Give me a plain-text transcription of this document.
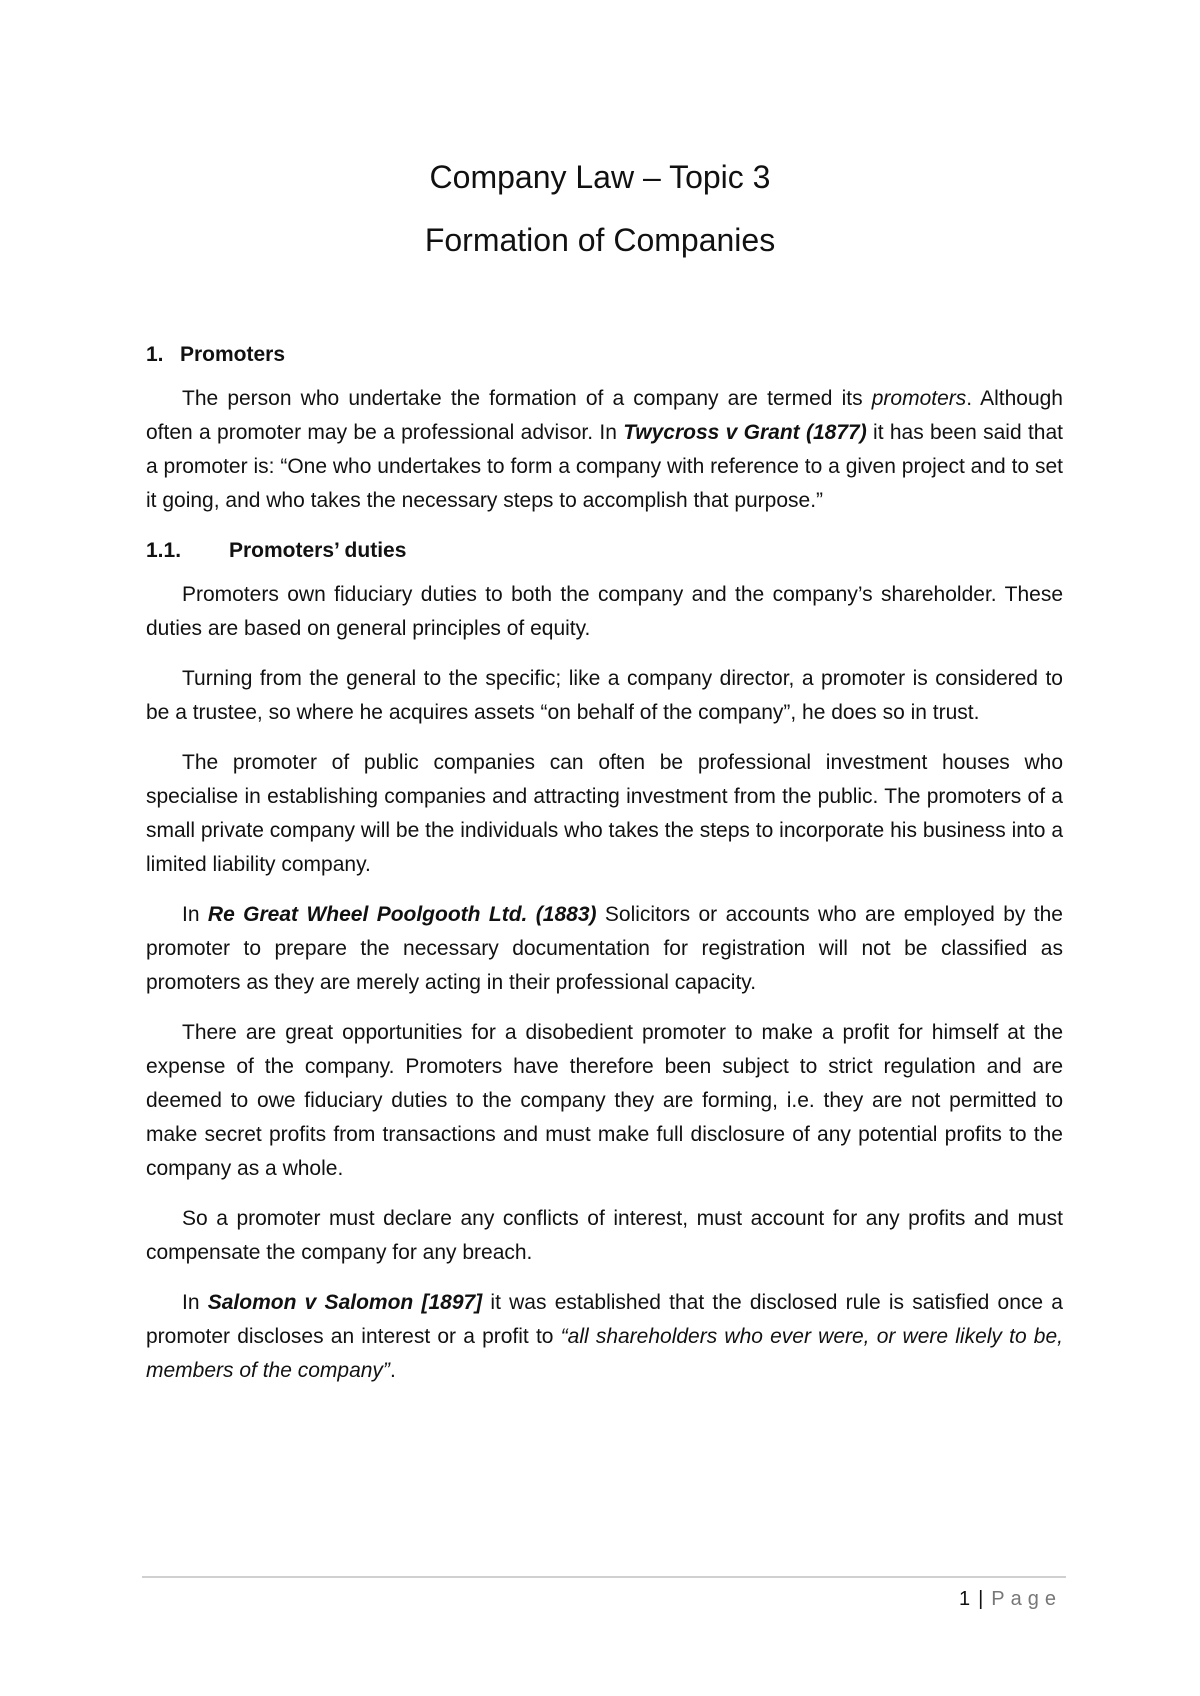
Company Law – Topic 3
Formation of Companies
1. Promoters

The person who undertake the formation of a company are termed its promoters. Although often a promoter may be a professional advisor. In Twycross v Grant (1877) it has been said that a promoter is: “One who undertakes to form a company with reference to a given project and to set it going, and who takes the necessary steps to accomplish that purpose.”

1.1. Promoters’ duties

Promoters own fiduciary duties to both the company and the company’s shareholder. These duties are based on general principles of equity.

Turning from the general to the specific; like a company director, a promoter is considered to be a trustee, so where he acquires assets “on behalf of the company”, he does so in trust.

The promoter of public companies can often be professional investment houses who specialise in establishing companies and attracting investment from the public. The promoters of a small private company will be the individuals who takes the steps to incorporate his business into a limited liability company.

In Re Great Wheel Poolgooth Ltd. (1883) Solicitors or accounts who are employed by the promoter to prepare the necessary documentation for registration will not be classified as promoters as they are merely acting in their professional capacity.

There are great opportunities for a disobedient promoter to make a profit for himself at the expense of the company. Promoters have therefore been subject to strict regulation and are deemed to owe fiduciary duties to the company they are forming, i.e. they are not permitted to make secret profits from transactions and must make full disclosure of any potential profits to the company as a whole.

So a promoter must declare any conflicts of interest, must account for any profits and must compensate the company for any breach.

In Salomon v Salomon [1897] it was established that the disclosed rule is satisfied once a promoter discloses an interest or a profit to “all shareholders who ever were, or were likely to be, members of the company”.

1 | Page
